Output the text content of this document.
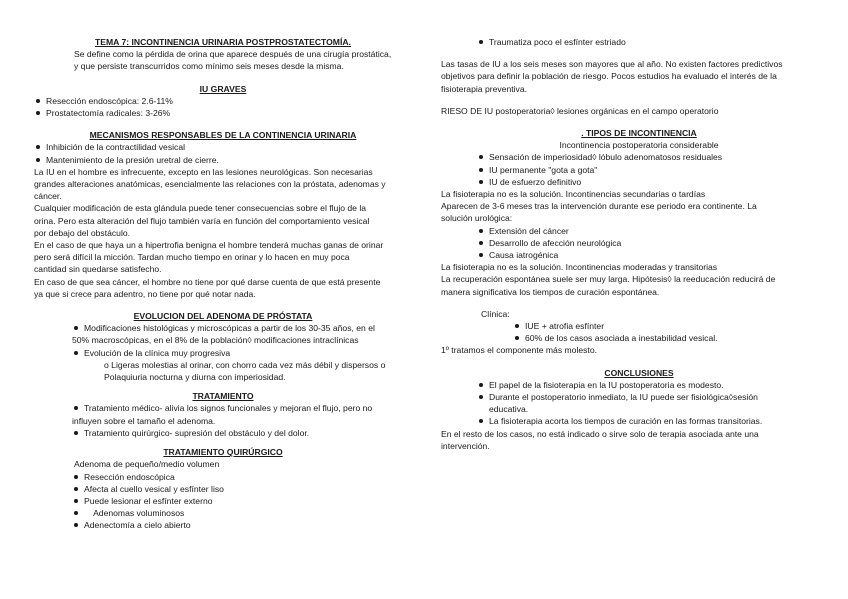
TEMA 7: INCONTINENCIA URINARIA POSTPROSTATECTOMÍA.
Se define como la pérdida de orina que aparece después de una cirugía prostática,
y que persiste transcurridos como mínimo seis meses desde la misma.
IU GRAVES
Resección endoscópica: 2.6-11%
Prostatectomía radicales: 3-26%
MECANISMOS RESPONSABLES DE LA CONTINENCIA URINARIA
Inhibición de la contractilidad vesical
Mantenimiento de la presión uretral de cierre.
La IU en el hombre es infrecuente, excepto en las lesiones neurológicas. Son necesarias
grandes alteraciones anatómicas, esencialmente las relaciones con la próstata, adenomas y
cáncer.
Cualquier modificación de esta glándula puede tener consecuencias sobre el flujo de la
orina. Pero esta alteración del flujo también varía en función del comportamiento vesical
por debajo del obstáculo.
En el caso de que haya un a hipertrofia benigna el hombre tenderá muchas ganas de orinar
pero será difícil la micción. Tardan mucho tiempo en orinar y lo hacen en muy poca
cantidad sin quedarse satisfecho.
En caso de que sea cáncer, el hombre no tiene por qué darse cuenta de que está presente
ya que si crece para adentro, no tiene por qué notar nada.
EVOLUCION DEL ADENOMA DE PRÓSTATA
Modificaciones histológicas y microscópicas a partir de los 30-35 años, en el
50% macroscópicas, en el 8% de la población◊ modificaciones intraclínicas
Evolución de la clínica muy progresiva
o Ligeras molestias al orinar, con chorro cada vez más débil y dispersos o
Polaquiuria nocturna y diurna con imperiosidad.
TRATAMIENTO
Tratamiento médico- alivia los signos funcionales y mejoran el flujo, pero no
influyen sobre el tamaño el adenoma.
Tratamiento quirúrgico- supresión del obstáculo y del dolor.
TRATAMIENTO QUIRÚRGICO
Adenoma de pequeño/medio volumen
Resección endoscópica
Afecta al cuello vesical y esfínter liso
Puede lesionar el esfínter externo
Adenomas voluminosos
Adenectomía a cielo abierto
Traumatiza poco el esfínter estriado
Las tasas de IU a los seis meses son mayores que al año. No existen factores predictivos
objetivos para definir la población de riesgo. Pocos estudios ha evaluado el interés de la
fisioterapia preventiva.
RIESO DE IU postoperatoria◊ lesiones orgánicas en el campo operatorio
. TIPOS DE INCONTINENCIA
Incontinencia postoperatoria considerable
Sensación de imperiosidad◊ lóbulo adenomatosos residuales
IU permanente "gota a gota"
IU de esfuerzo definitivo
La fisioterapia no es la solución. Incontinencias secundarias o tardías
Aparecen de 3-6 meses tras la intervención durante ese periodo era continente. La
solución urológica:
Extensión del cáncer
Desarrollo de afección neurológica
Causa iatrogénica
La fisioterapia no es la solución. Incontinencias moderadas y transitorias
La recuperación espontánea suele ser muy larga. Hipótesis◊ la reeducación reducirá de
manera significativa los tiempos de curación espontánea.
Clínica:
IUE + atrofia esfínter
60% de los casos asociada a inestabilidad vesical.
1º tratamos el componente más molesto.
CONCLUSIONES
El papel de la fisioterapia en la IU postoperatoria es modesto.
Durante el postoperatorio inmediato, la IU puede ser fisiológica◊sesión
educativa.
La fisioterapia acorta los tiempos de curación en las formas transitorias.
En el resto de los casos, no está indicado o sirve solo de terapia asociada ante una
intervención.
